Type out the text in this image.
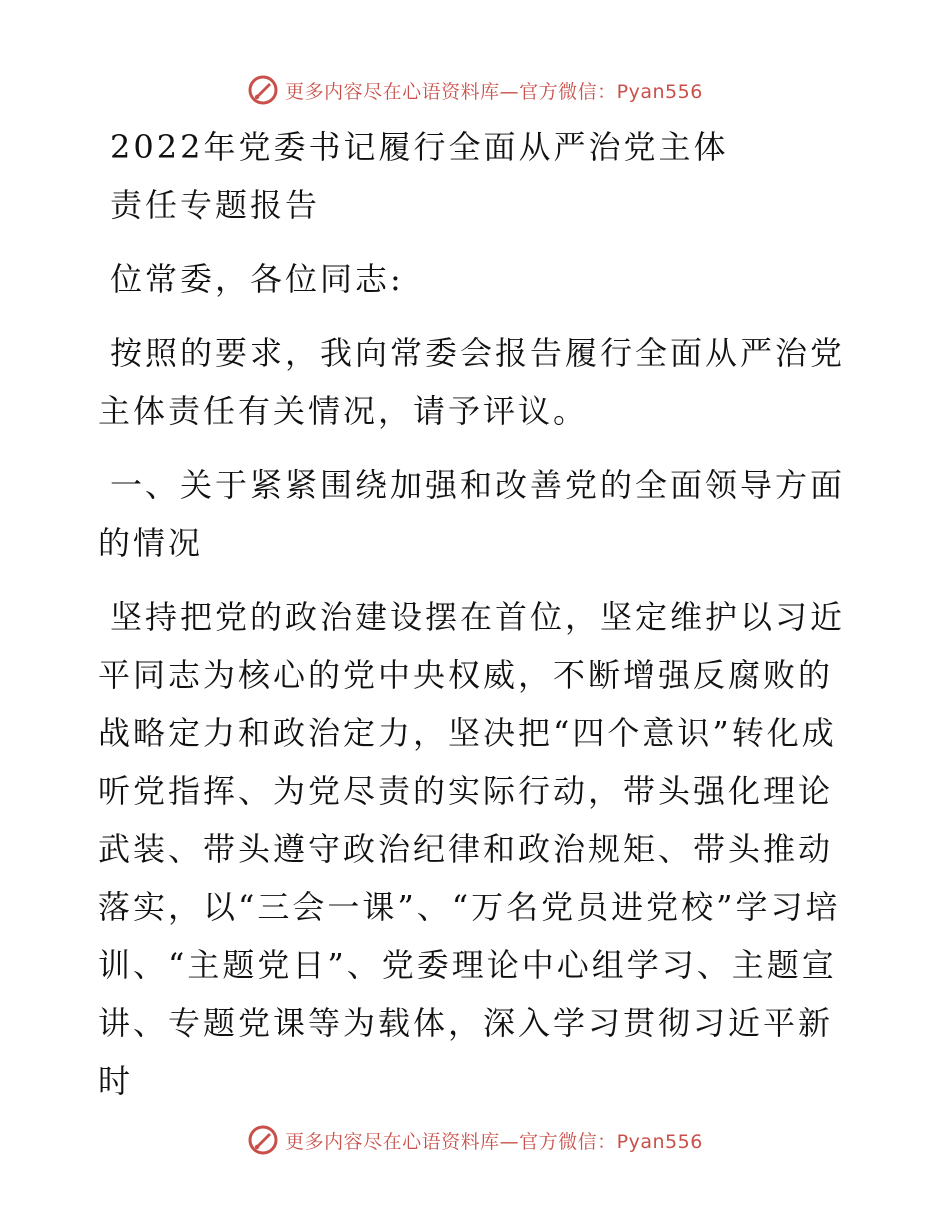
更多内容尽在心语资料库—官方微信：Pyan556

2022年党委书记履行全面从严治党主体

责任专题报告

位常委，各位同志:

按照的要求，我向常委会报告履行全面从严治党主体责任有关情况，请予评议。

一、关于紧紧围绕加强和改善党的全面领导方面的情况

坚持把党的政治建设摆在首位，坚定维护以习近平同志为核心的党中央权威，不断增强反腐败的战略定力和政治定力，坚决把“四个意识”转化成听党指挥、为党尽责的实际行动，带头强化理论武装、带头遵守政治纪律和政治规矩、带头推动落实，以“三会一课”、“万名党员进党校”学习培训、“主题党日”、党委理论中心组学习、主题宣讲、专题党课等为载体，深入学习贯彻习近平新时

更多内容尽在心语资料库—官方微信：Pyan556
